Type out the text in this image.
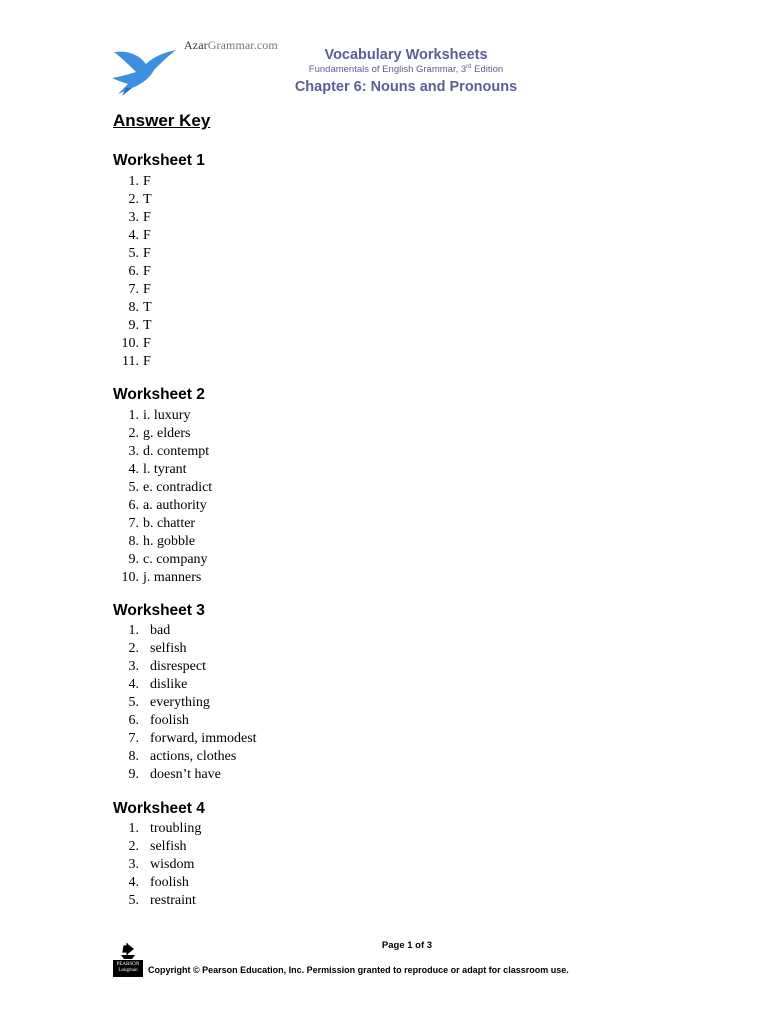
AzarGrammar.com
Vocabulary Worksheets
Fundamentals of English Grammar, 3rd Edition
Chapter 6: Nouns and Pronouns
Answer Key
Worksheet 1
1. F
2. T
3. F
4. F
5. F
6. F
7. F
8. T
9. T
10. F
11. F
Worksheet 2
1. i. luxury
2. g. elders
3. d. contempt
4. l. tyrant
5. e. contradict
6. a. authority
7. b. chatter
8. h. gobble
9. c. company
10. j. manners
Worksheet 3
1. bad
2. selfish
3. disrespect
4. dislike
5. everything
6. foolish
7. forward, immodest
8. actions, clothes
9. doesn’t have
Worksheet 4
1. troubling
2. selfish
3. wisdom
4. foolish
5. restraint
Page 1 of 3
PEARSON Longman	Copyright © Pearson Education, Inc. Permission granted to reproduce or adapt for classroom use.
